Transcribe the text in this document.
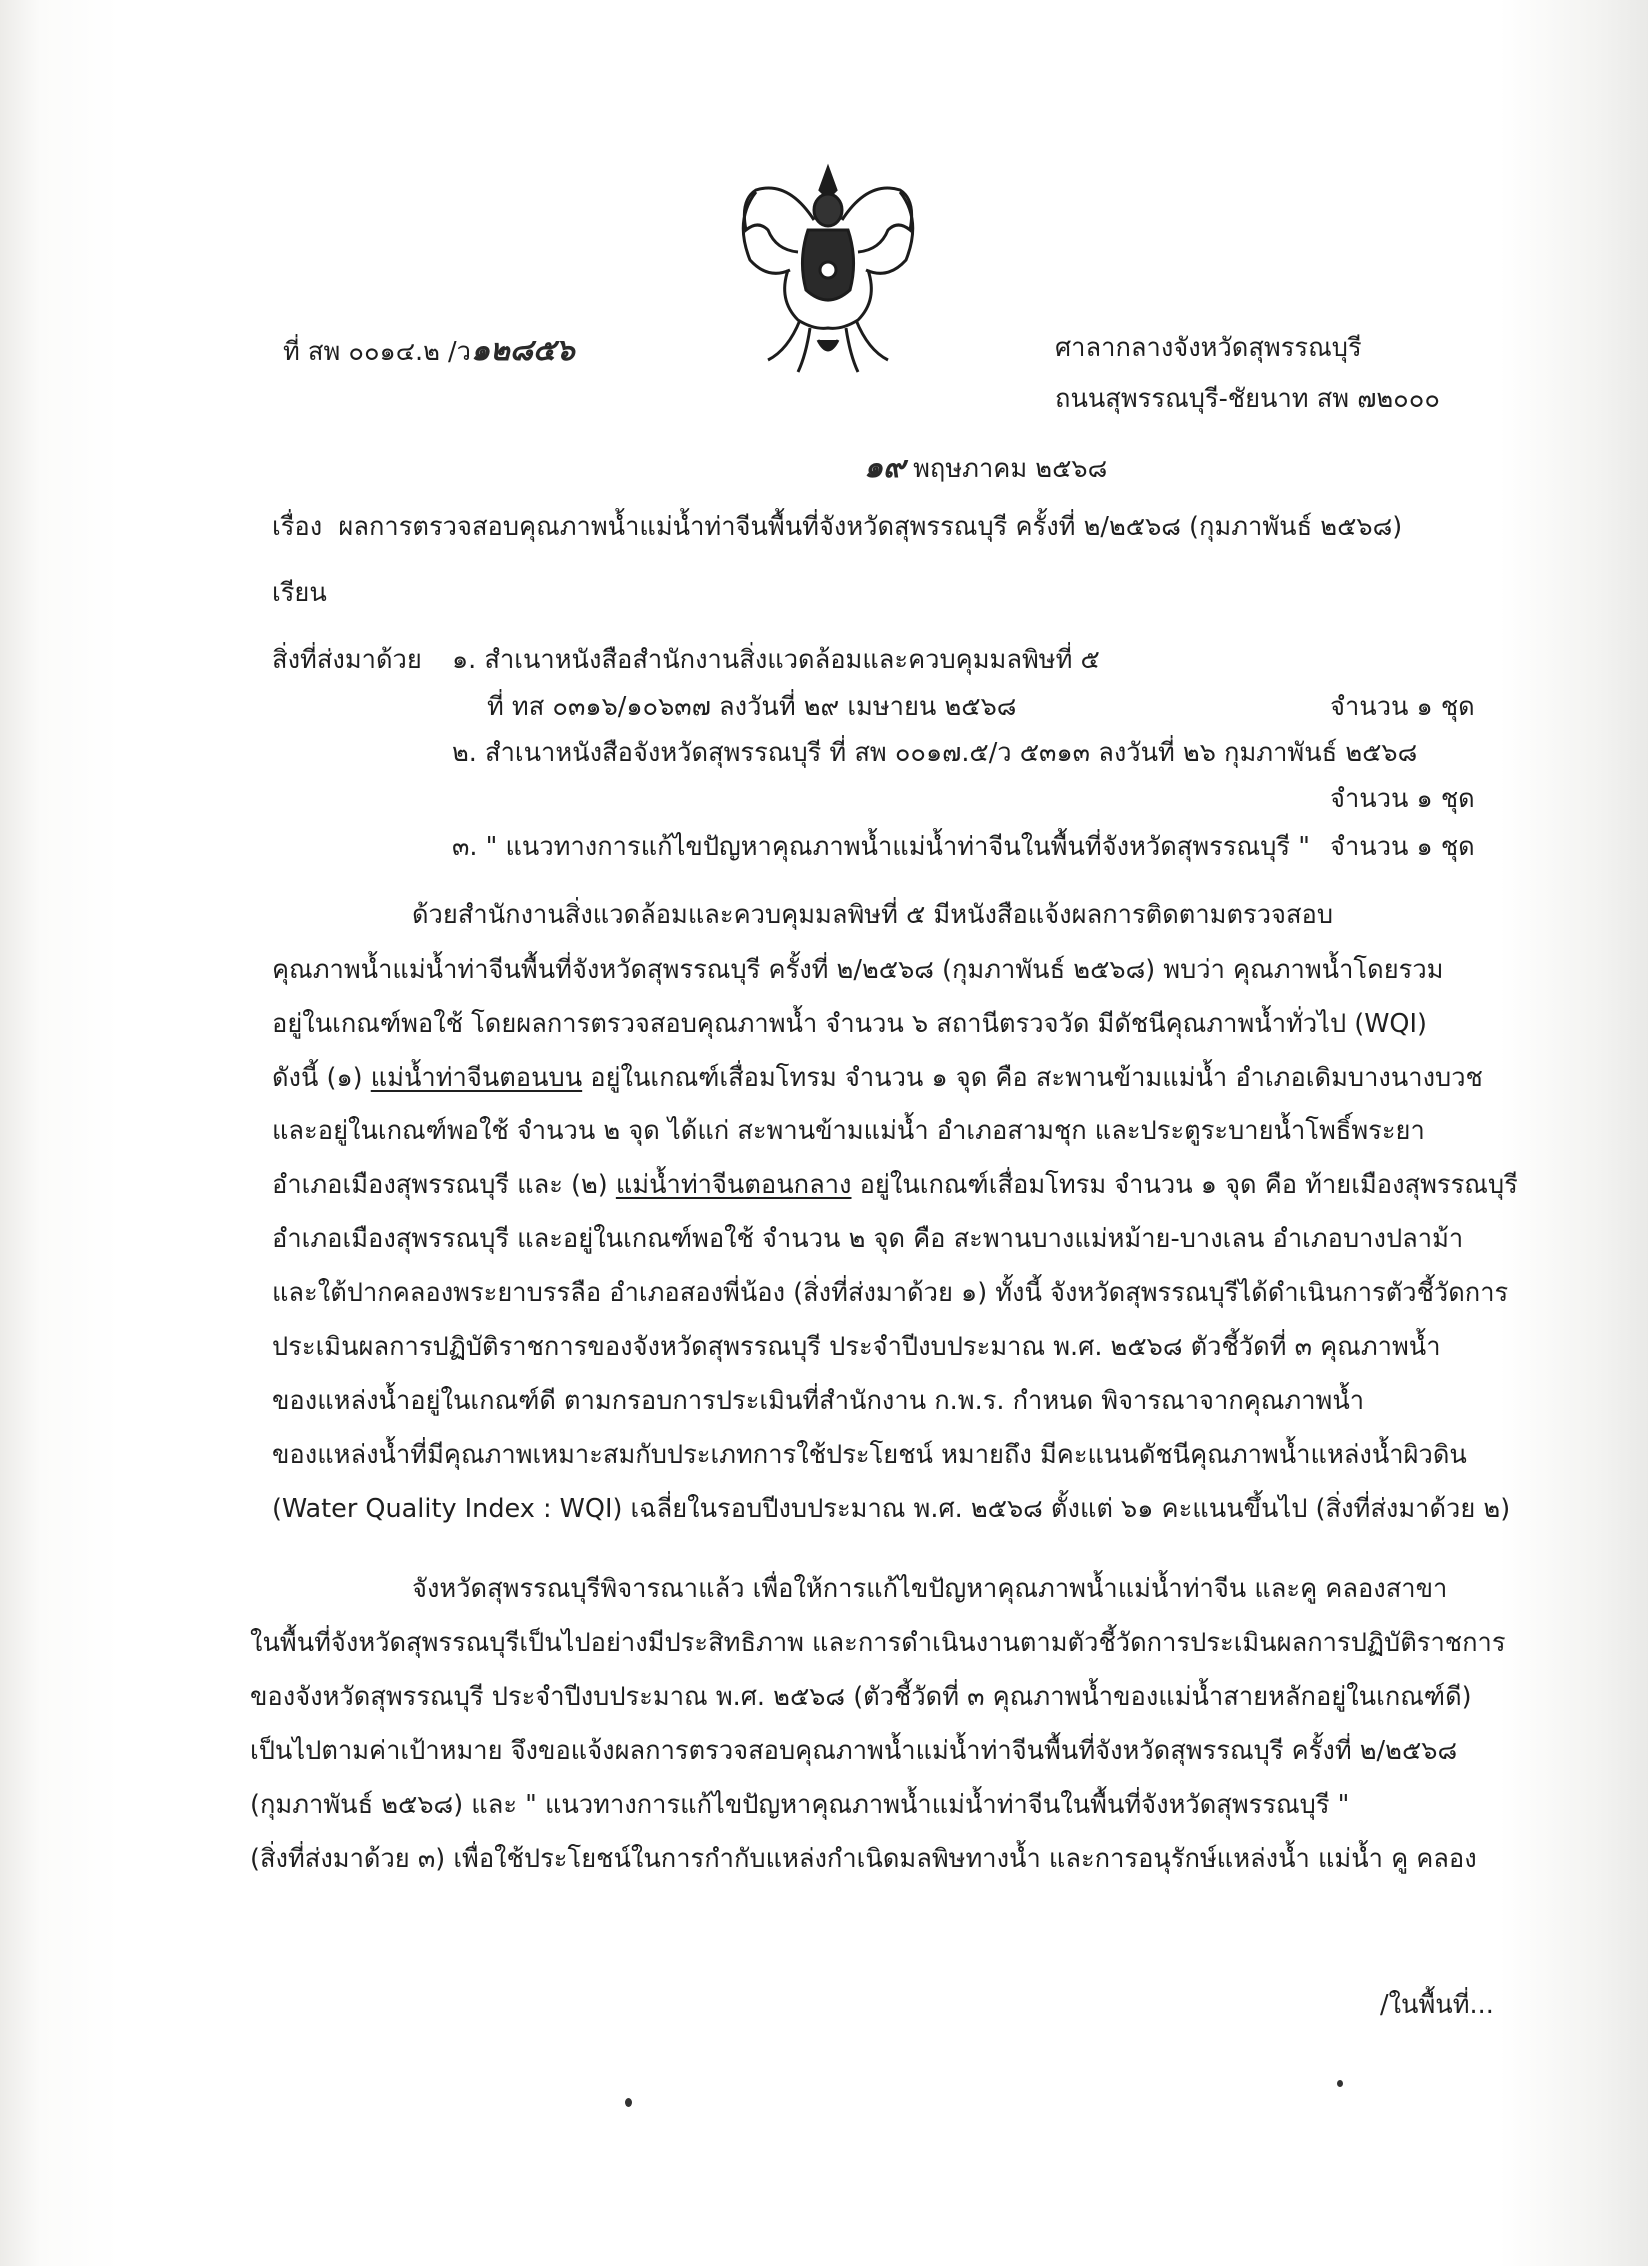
ที่ สพ ๐๐๑๔.๒ /ว๑๒๘๕๖	ศาลากลางจังหวัดสุพรรณบุรี
ถนนสุพรรณบุรี-ชัยนาท สพ ๗๒๐๐๐
๑๙ พฤษภาคม ๒๕๖๘
เรื่อง ผลการตรวจสอบคุณภาพน้ำแม่น้ำท่าจีนพื้นที่จังหวัดสุพรรณบุรี ครั้งที่ ๒/๒๕๖๘ (กุมภาพันธ์ ๒๕๖๘)
เรียน
สิ่งที่ส่งมาด้วย ๑. สำเนาหนังสือสำนักงานสิ่งแวดล้อมและควบคุมมลพิษที่ ๕
ที่ ทส ๐๓๑๖/๑๐๖๓๗ ลงวันที่ ๒๙ เมษายน ๒๕๖๘	จำนวน ๑ ชุด
๒. สำเนาหนังสือจังหวัดสุพรรณบุรี ที่ สพ ๐๐๑๗.๕/ว ๕๓๑๓ ลงวันที่ ๒๖ กุมภาพันธ์ ๒๕๖๘
จำนวน ๑ ชุด
๓. " แนวทางการแก้ไขปัญหาคุณภาพน้ำแม่น้ำท่าจีนในพื้นที่จังหวัดสุพรรณบุรี " จำนวน ๑ ชุด
ด้วยสำนักงานสิ่งแวดล้อมและควบคุมมลพิษที่ ๕ มีหนังสือแจ้งผลการติดตามตรวจสอบ
คุณภาพน้ำแม่น้ำท่าจีนพื้นที่จังหวัดสุพรรณบุรี ครั้งที่ ๒/๒๕๖๘ (กุมภาพันธ์ ๒๕๖๘) พบว่า คุณภาพน้ำโดยรวม
อยู่ในเกณฑ์พอใช้ โดยผลการตรวจสอบคุณภาพน้ำ จำนวน ๖ สถานีตรวจวัด มีดัชนีคุณภาพน้ำทั่วไป (WQI)
ดังนี้ (๑) แม่น้ำท่าจีนตอนบน อยู่ในเกณฑ์เสื่อมโทรม จำนวน ๑ จุด คือ สะพานข้ามแม่น้ำ อำเภอเดิมบางนางบวช
และอยู่ในเกณฑ์พอใช้ จำนวน ๒ จุด ได้แก่ สะพานข้ามแม่น้ำ อำเภอสามชุก และประตูระบายน้ำโพธิ์พระยา
อำเภอเมืองสุพรรณบุรี และ (๒) แม่น้ำท่าจีนตอนกลาง อยู่ในเกณฑ์เสื่อมโทรม จำนวน ๑ จุด คือ ท้ายเมืองสุพรรณบุรี
อำเภอเมืองสุพรรณบุรี และอยู่ในเกณฑ์พอใช้ จำนวน ๒ จุด คือ สะพานบางแม่หม้าย-บางเลน อำเภอบางปลาม้า
และใต้ปากคลองพระยาบรรลือ อำเภอสองพี่น้อง (สิ่งที่ส่งมาด้วย ๑) ทั้งนี้ จังหวัดสุพรรณบุรีได้ดำเนินการตัวชี้วัดการ
ประเมินผลการปฏิบัติราชการของจังหวัดสุพรรณบุรี ประจำปีงบประมาณ พ.ศ. ๒๕๖๘ ตัวชี้วัดที่ ๓ คุณภาพน้ำ
ของแหล่งน้ำอยู่ในเกณฑ์ดี ตามกรอบการประเมินที่สำนักงาน ก.พ.ร. กำหนด พิจารณาจากคุณภาพน้ำ
ของแหล่งน้ำที่มีคุณภาพเหมาะสมกับประเภทการใช้ประโยชน์ หมายถึง มีคะแนนดัชนีคุณภาพน้ำแหล่งน้ำผิวดิน
(Water Quality Index : WQI) เฉลี่ยในรอบปีงบประมาณ พ.ศ. ๒๕๖๘ ตั้งแต่ ๖๑ คะแนนขึ้นไป (สิ่งที่ส่งมาด้วย ๒)
จังหวัดสุพรรณบุรีพิจารณาแล้ว เพื่อให้การแก้ไขปัญหาคุณภาพน้ำแม่น้ำท่าจีน และคู คลองสาขา
ในพื้นที่จังหวัดสุพรรณบุรีเป็นไปอย่างมีประสิทธิภาพ และการดำเนินงานตามตัวชี้วัดการประเมินผลการปฏิบัติราชการ
ของจังหวัดสุพรรณบุรี ประจำปีงบประมาณ พ.ศ. ๒๕๖๘ (ตัวชี้วัดที่ ๓ คุณภาพน้ำของแม่น้ำสายหลักอยู่ในเกณฑ์ดี)
เป็นไปตามค่าเป้าหมาย จึงขอแจ้งผลการตรวจสอบคุณภาพน้ำแม่น้ำท่าจีนพื้นที่จังหวัดสุพรรณบุรี ครั้งที่ ๒/๒๕๖๘
(กุมภาพันธ์ ๒๕๖๘) และ " แนวทางการแก้ไขปัญหาคุณภาพน้ำแม่น้ำท่าจีนในพื้นที่จังหวัดสุพรรณบุรี "
(สิ่งที่ส่งมาด้วย ๓) เพื่อใช้ประโยชน์ในการกำกับแหล่งกำเนิดมลพิษทางน้ำ และการอนุรักษ์แหล่งน้ำ แม่น้ำ คู คลอง
/ในพื้นที่...
